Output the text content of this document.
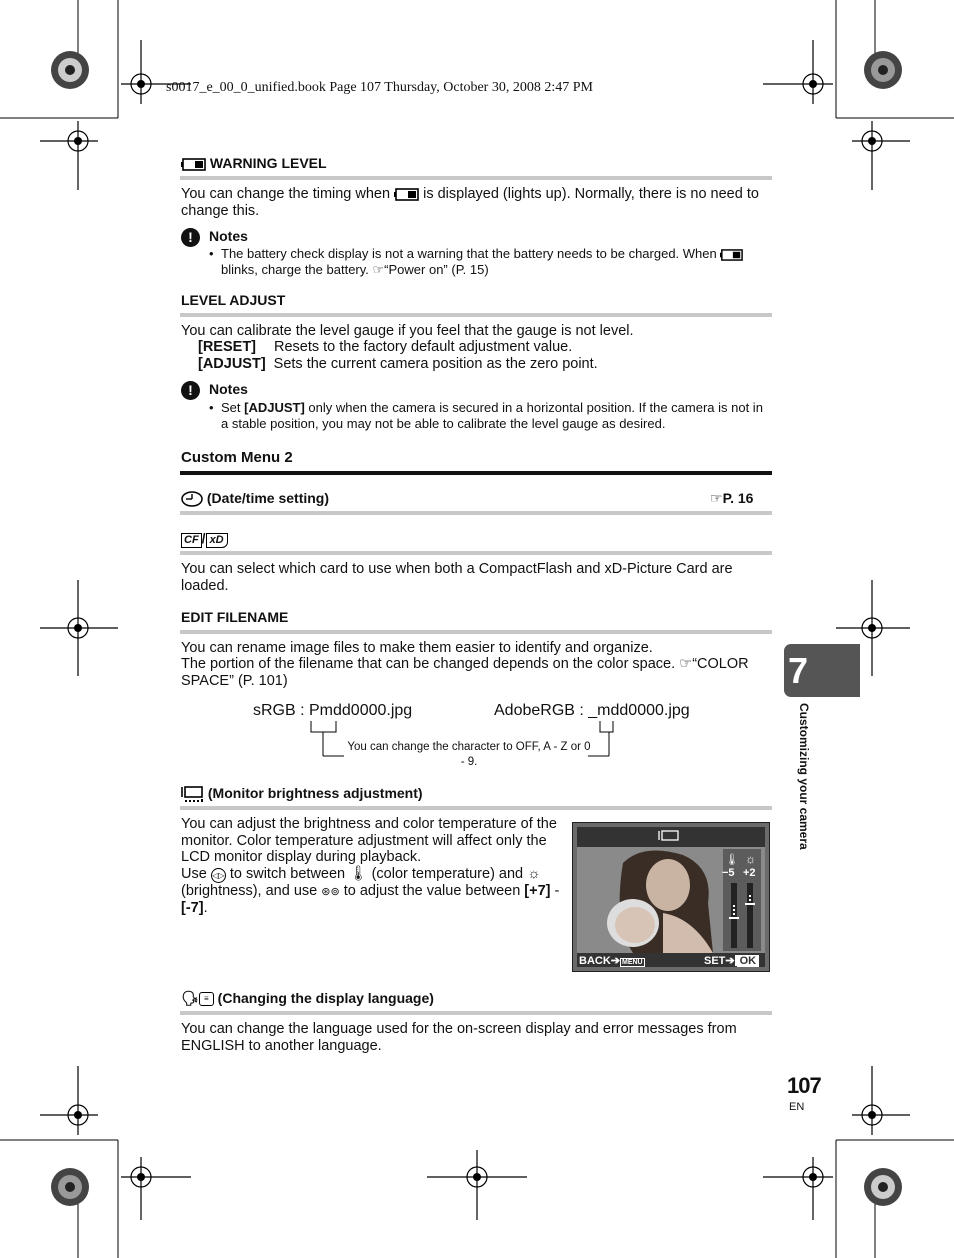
s0017_e_00_0_unified.book Page 107 Thursday, October 30, 2008 2:47 PM
WARNING LEVEL
You can change the timing when  is displayed (lights up). Normally, there is no need to change this.
! Notes
• The battery check display is not a warning that the battery needs to be charged. When  blinks, charge the battery. ☞“Power on” (P. 15)
LEVEL ADJUST
You can calibrate the level gauge if you feel that the gauge is not level.
[RESET] Resets to the factory default adjustment value.
[ADJUST] Sets the current camera position as the zero point.
! Notes
• Set [ADJUST] only when the camera is secured in a horizontal position. If the camera is not in a stable position, you may not be able to calibrate the level gauge as desired.
Custom Menu 2
(Date/time setting)	☞P. 16
CF / xD
You can select which card to use when both a CompactFlash and xD-Picture Card are loaded.
EDIT FILENAME
You can rename image files to make them easier to identify and organize.
The portion of the filename that can be changed depends on the color space. ☞“COLOR SPACE” (P. 101)
sRGB : Pmdd0000.jpg	AdobeRGB : _mdd0000.jpg
You can change the character to OFF, A - Z or 0 - 9.
(Monitor brightness adjustment)
You can adjust the brightness and color temperature of the monitor. Color temperature adjustment will affect only the LCD monitor display during playback.
Use ◁▷ to switch between 🌡 (color temperature) and ☼ (brightness), and use ⊛⊚ to adjust the value between [+7] - [-7].
−5 +2
🌡 ☼
BACK➔ MENU	SET➔ OK
🗣 ≡ (Changing the display language)
You can change the language used for the on-screen display and error messages from ENGLISH to another language.
7
Customizing your camera
107
EN
